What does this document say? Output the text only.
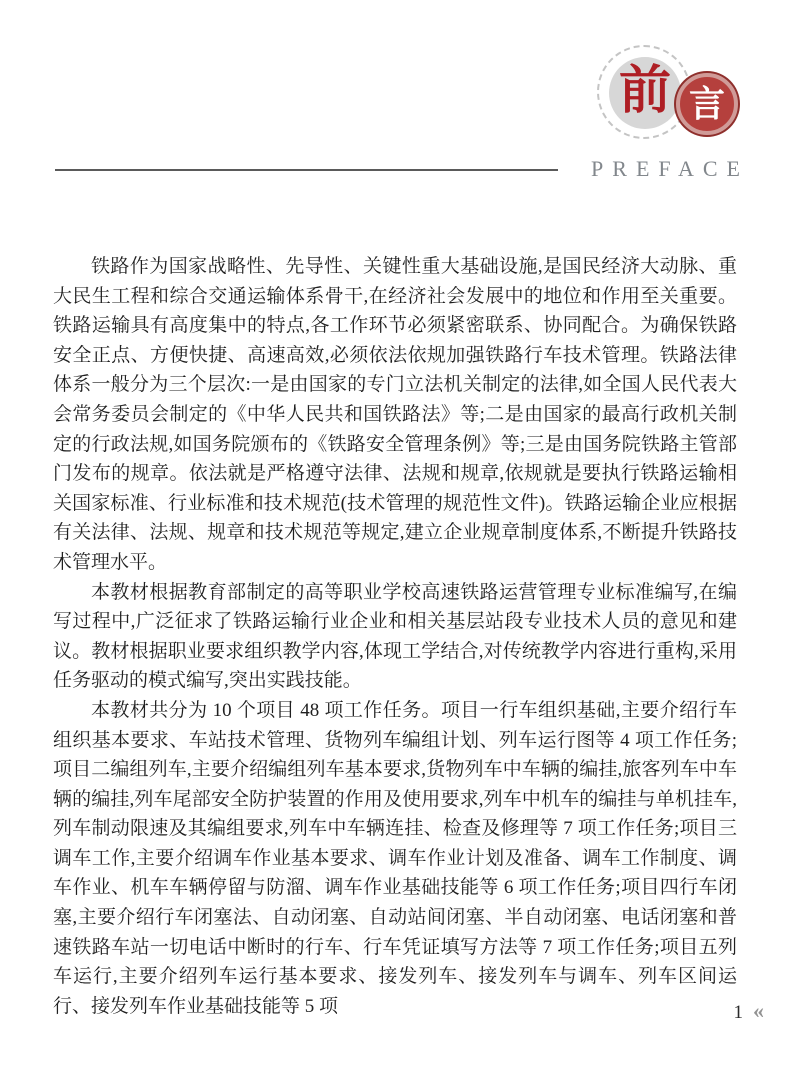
前 言
PREFACE

铁路作为国家战略性、先导性、关键性重大基础设施,是国民经济大动脉、重大民生工程和综合交通运输体系骨干,在经济社会发展中的地位和作用至关重要。铁路运输具有高度集中的特点,各工作环节必须紧密联系、协同配合。为确保铁路安全正点、方便快捷、高速高效,必须依法依规加强铁路行车技术管理。铁路法律体系一般分为三个层次:一是由国家的专门立法机关制定的法律,如全国人民代表大会常务委员会制定的《中华人民共和国铁路法》等;二是由国家的最高行政机关制定的行政法规,如国务院颁布的《铁路安全管理条例》等;三是由国务院铁路主管部门发布的规章。依法就是严格遵守法律、法规和规章,依规就是要执行铁路运输相关国家标准、行业标准和技术规范(技术管理的规范性文件)。铁路运输企业应根据有关法律、法规、规章和技术规范等规定,建立企业规章制度体系,不断提升铁路技术管理水平。

本教材根据教育部制定的高等职业学校高速铁路运营管理专业标准编写,在编写过程中,广泛征求了铁路运输行业企业和相关基层站段专业技术人员的意见和建议。教材根据职业要求组织教学内容,体现工学结合,对传统教学内容进行重构,采用任务驱动的模式编写,突出实践技能。

本教材共分为 10 个项目 48 项工作任务。项目一行车组织基础,主要介绍行车组织基本要求、车站技术管理、货物列车编组计划、列车运行图等 4 项工作任务;项目二编组列车,主要介绍编组列车基本要求,货物列车中车辆的编挂,旅客列车中车辆的编挂,列车尾部安全防护装置的作用及使用要求,列车中机车的编挂与单机挂车,列车制动限速及其编组要求,列车中车辆连挂、检查及修理等 7 项工作任务;项目三调车工作,主要介绍调车作业基本要求、调车作业计划及准备、调车工作制度、调车作业、机车车辆停留与防溜、调车作业基础技能等 6 项工作任务;项目四行车闭塞,主要介绍行车闭塞法、自动闭塞、自动站间闭塞、半自动闭塞、电话闭塞和普速铁路车站一切电话中断时的行车、行车凭证填写方法等 7 项工作任务;项目五列车运行,主要介绍列车运行基本要求、接发列车、接发列车与调车、列车区间运行、接发列车作业基础技能等 5 项	1 «
